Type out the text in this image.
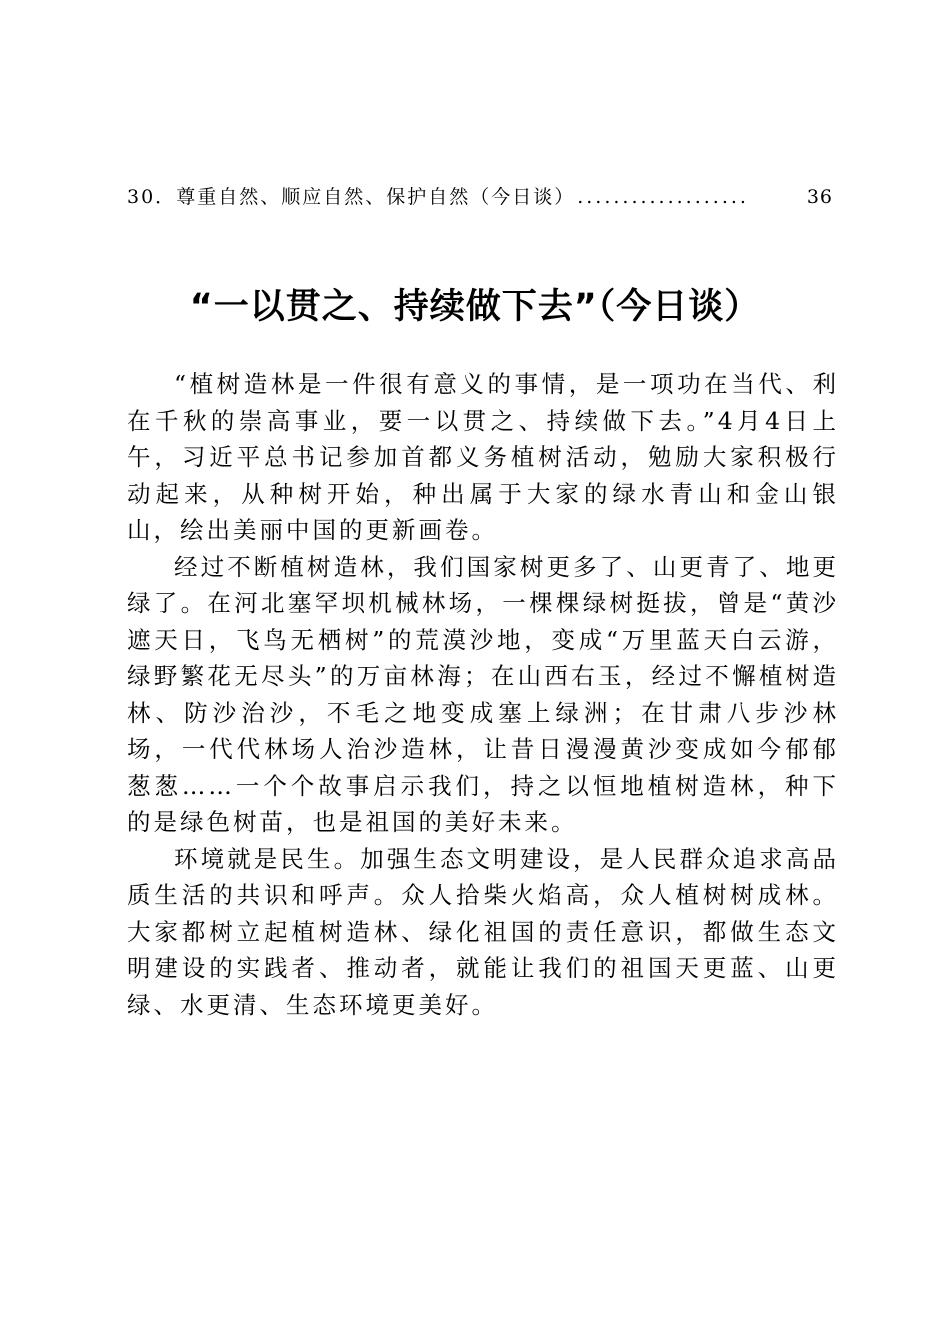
30． 尊重自然、顺应自然、保护自然（今日谈） ...................	36
“一以贯之、持续做下去”（今日谈）

“植树造林是一件很有意义的事情，是一项功在当代、利在千秋的崇高事业，要一以贯之、持续做下去。”4月4日上午，习近平总书记参加首都义务植树活动，勉励大家积极行动起来，从种树开始，种出属于大家的绿水青山和金山银山，绘出美丽中国的更新画卷。

经过不断植树造林，我们国家树更多了、山更青了、地更绿了。在河北塞罕坝机械林场，一棵棵绿树挺拔，曾是“黄沙遮天日，飞鸟无栖树”的荒漠沙地，变成“万里蓝天白云游，绿野繁花无尽头”的万亩林海；在山西右玉，经过不懈植树造林、防沙治沙，不毛之地变成塞上绿洲；在甘肃八步沙林场，一代代林场人治沙造林，让昔日漫漫黄沙变成如今郁郁葱葱……一个个故事启示我们，持之以恒地植树造林，种下的是绿色树苗，也是祖国的美好未来。

环境就是民生。加强生态文明建设，是人民群众追求高品质生活的共识和呼声。众人拾柴火焰高，众人植树树成林。大家都树立起植树造林、绿化祖国的责任意识，都做生态文明建设的实践者、推动者，就能让我们的祖国天更蓝、山更绿、水更清、生态环境更美好。
